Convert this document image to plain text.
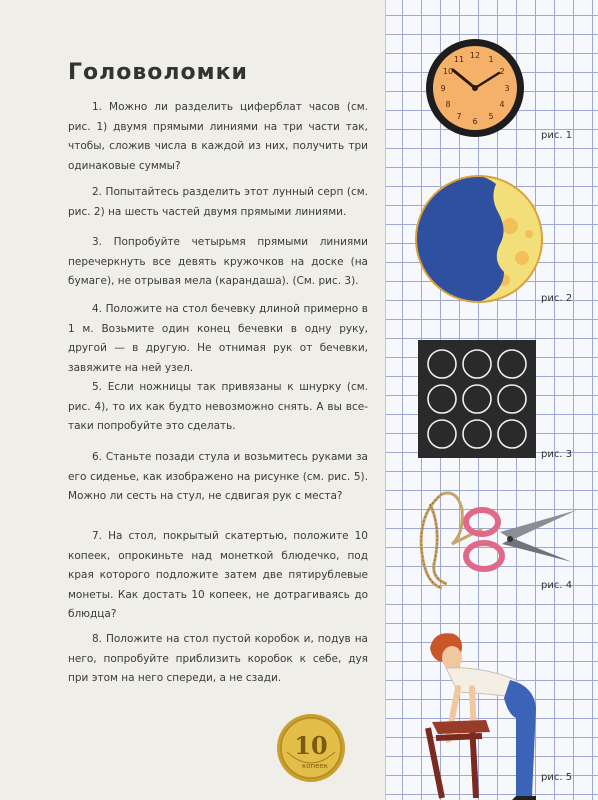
Головоломки

1. Можно ли разделить циферблат часов (см. рис. 1) двумя прямыми линиями на три части так, чтобы, сложив числа в каждой из них, получить три одинаковые суммы?

2. Попытайтесь разделить этот лунный серп (см. рис. 2) на шесть частей двумя прямыми линиями.

3. Попробуйте четырьмя прямыми линиями перечеркнуть все девять кружочков на доске (на бумаге), не отрывая мела (карандаша). (См. рис. 3).

4. Положите на стол бечевку длиной примерно в 1 м. Возьмите один конец бечевки в одну руку, другой — в другую. Не отнимая рук от бечевки, завяжите на ней узел.

5. Если ножницы так привязаны к шнурку (см. рис. 4), то их как будто невозможно снять. А вы все-таки попробуйте это сделать.

6. Станьте позади стула и возьмитесь руками за его сиденье, как изображено на рисунке (см. рис. 5). Можно ли сесть на стул, не сдвигая рук с места?

7. На стол, покрытый скатертью, положите 10 копеек, опрокиньте над монеткой блюдечко, под края которого подложите затем две пятирублевые монеты. Как достать 10 копеек, не дотрагиваясь до блюдца?

8. Положите на стол пустой коробок и, подув на него, попробуйте приблизить коробок к себе, дуя при этом на него спереди, а не сзади.

10
копеек
12 1
2
3
4
5
6
7
8
9
10
11
рис. 1
рис. 2
рис. 3
рис. 4
рис. 5
